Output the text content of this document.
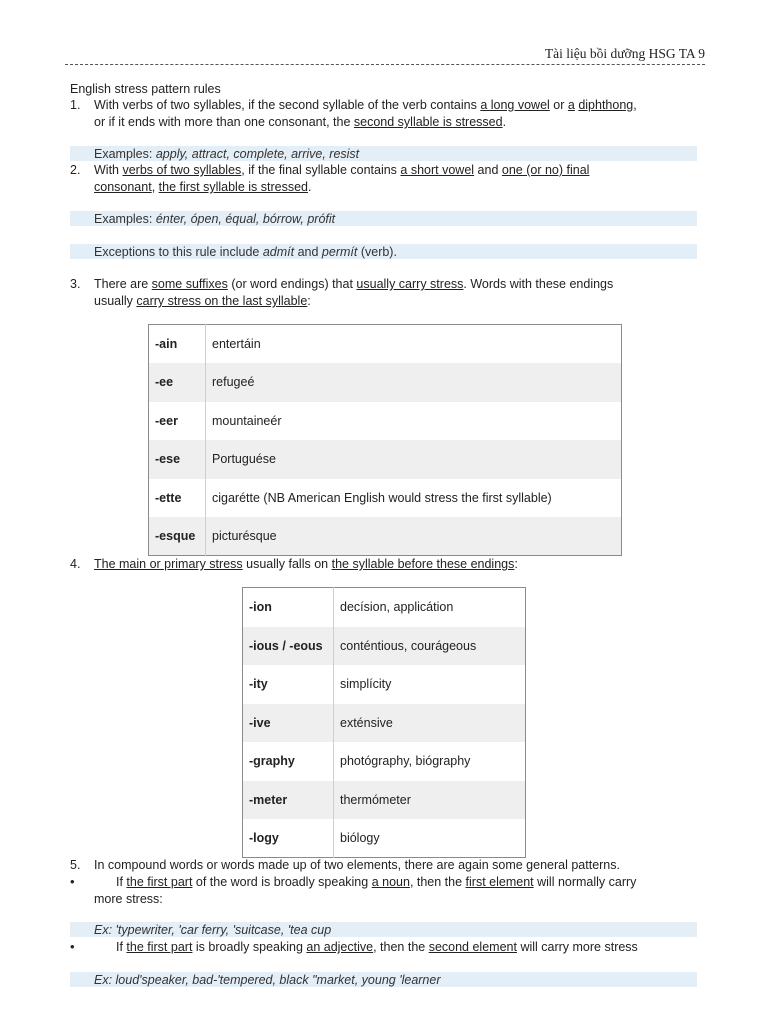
Tài liệu bồi dưỡng HSG TA 9
English stress pattern rules
1. With verbs of two syllables, if the second syllable of the verb contains a long vowel or a diphthong,
or if it ends with more than one consonant, the second syllable is stressed.
Examples: apply, attract, complete, arrive, resist
2. With verbs of two syllables, if the final syllable contains a short vowel and one (or no) final
consonant, the first syllable is stressed.
Examples: énter, ópen, équal, bórrow, prófit
Exceptions to this rule include admít and permít (verb).
3. There are some suffixes (or word endings) that usually carry stress. Words with these endings
usually carry stress on the last syllable:
-ain	entertáin
-ee	refugeé
-eer	mountaineér
-ese	Portuguése
-ette	cigarétte (NB American English would stress the first syllable)
-esque	picturésque
4. The main or primary stress usually falls on the syllable before these endings:
-ion	decísion, applicátion
-ious / -eous	conténtious, courágeous
-ity	simplícity
-ive	exténsive
-graphy	photógraphy, biógraphy
-meter	thermómeter
-logy	biólogy
5. In compound words or words made up of two elements, there are again some general patterns.
•	If the first part of the word is broadly speaking a noun, then the first element will normally carry
more stress:
Ex: 'typewriter, 'car ferry, 'suitcase, 'tea cup
•	If the first part is broadly speaking an adjective, then the second element will carry more stress
Ex: loud'speaker, bad-'tempered, black "market, young 'learner
